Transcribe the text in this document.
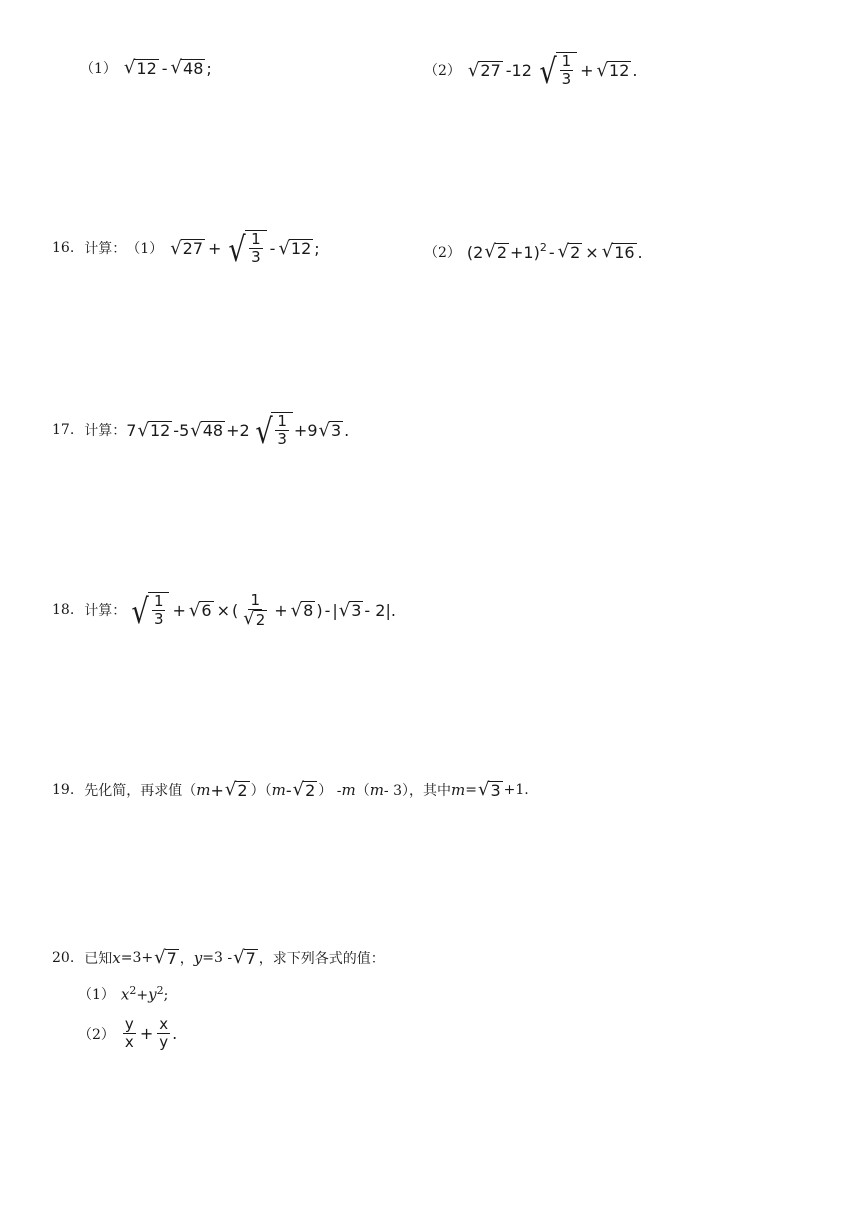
（1） √ 12 - √ 48 ;	（2） √ 27 -12 √ $\frac{1}{3}$ + √ 12 .
16. 计算： （1） √ 27 + √ $\frac{1}{3}$ - √ 12 ;	（2） (2 √ 2 +1)$^2$ - √ 2 × √ 16 .
17. 计算： 7 √ 12 -5 √ 48 +2 √ $\frac{1}{3} +9$ √ 3 .
18. 计算： √ $\frac{1}{3}$ + √ 6 × ( $\frac{1}{√ 2}$ + √ 8 ) - | √ 3 - 2| .
19. 先化简，再求值（ m + √ 2 ）（ m - √ 2 ） - m （ m - 3），其中 m = √ 3 +1.
20. 已知 x =3+ √ 7 ， y =3 - √ 7 ，求下列各式的值：
（1） $x^2+y^2$;
$(2) \frac{y}{x} + \frac{x}{y}$ .
